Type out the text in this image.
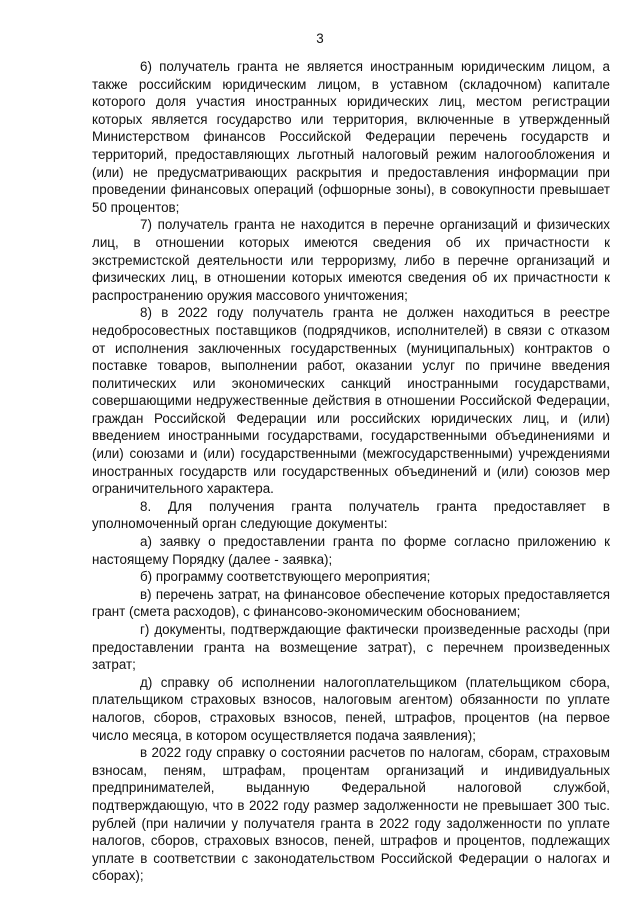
3

6) получатель гранта не является иностранным юридическим лицом, а также российским юридическим лицом, в уставном (складочном) капитале которого доля участия иностранных юридических лиц, местом регистрации которых является государство или территория, включенные в утвержденный Министерством финансов Российской Федерации перечень государств и территорий, предоставляющих льготный налоговый режим налогообложения и (или) не предусматривающих раскрытия и предоставления информации при проведении финансовых операций (офшорные зоны), в совокупности превышает 50 процентов;

7) получатель гранта не находится в перечне организаций и физических лиц, в отношении которых имеются сведения об их причастности к экстремистской деятельности или терроризму, либо в перечне организаций и физических лиц, в отношении которых имеются сведения об их причастности к распространению оружия массового уничтожения;

8) в 2022 году получатель гранта не должен находиться в реестре недобросовестных поставщиков (подрядчиков, исполнителей) в связи с отказом от исполнения заключенных государственных (муниципальных) контрактов о поставке товаров, выполнении работ, оказании услуг по причине введения политических или экономических санкций иностранными государствами, совершающими недружественные действия в отношении Российской Федерации, граждан Российской Федерации или российских юридических лиц, и (или) введением иностранными государствами, государственными объединениями и (или) союзами и (или) государственными (межгосударственными) учреждениями иностранных государств или государственных объединений и (или) союзов мер ограничительного характера.

8. Для получения гранта получатель гранта предоставляет в уполномоченный орган следующие документы:

а) заявку о предоставлении гранта по форме согласно приложению к настоящему Порядку (далее - заявка);

б) программу соответствующего мероприятия;

в) перечень затрат, на финансовое обеспечение которых предоставляется грант (смета расходов), с финансово-экономическим обоснованием;

г) документы, подтверждающие фактически произведенные расходы (при предоставлении гранта на возмещение затрат), с перечнем произведенных затрат;

д) справку об исполнении налогоплательщиком (плательщиком сбора, плательщиком страховых взносов, налоговым агентом) обязанности по уплате налогов, сборов, страховых взносов, пеней, штрафов, процентов (на первое число месяца, в котором осуществляется подача заявления);

в 2022 году справку о состоянии расчетов по налогам, сборам, страховым взносам, пеням, штрафам, процентам организаций и индивидуальных предпринимателей, выданную Федеральной налоговой службой, подтверждающую, что в 2022 году размер задолженности не превышает 300 тыс. рублей (при наличии у получателя гранта в 2022 году задолженности по уплате налогов, сборов, страховых взносов, пеней, штрафов и процентов, подлежащих уплате в соответствии с законодательством Российской Федерации о налогах и сборах);
